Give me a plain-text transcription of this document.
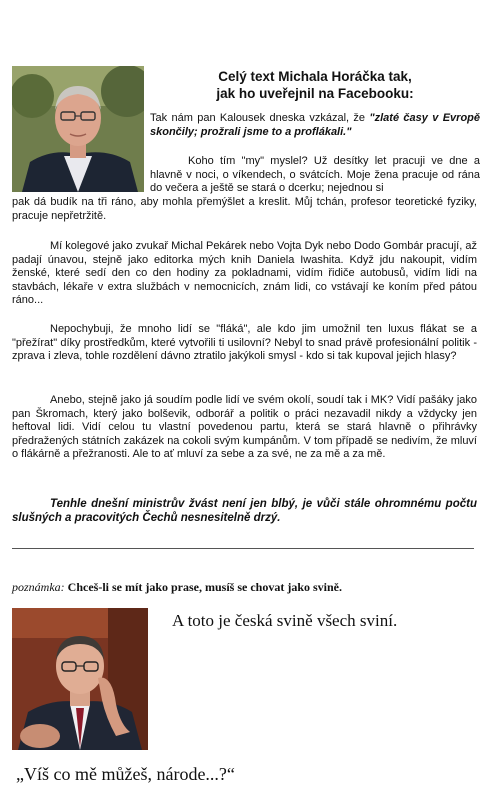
Celý text Michala Horáčka tak,
jak ho uveřejnil na Facebooku:
Tak nám pan Kalousek dneska vzkázal, že "zlaté časy v Evropě skončily; prožrali jsme to a proflákali."
Koho tím "my" myslel? Už desítky let pracuji ve dne a hlavně v noci, o víkendech, o svátcích. Moje žena pracuje od rána do večera a ještě se stará o dcerku; nejednou si
pak dá budík na tři ráno, aby mohla přemýšlet a kreslit. Můj tchán, profesor teoretické fyziky, pracuje nepřetržitě.
Mí kolegové jako zvukař Michal Pekárek nebo Vojta Dyk nebo Dodo Gombár pracují, až padají únavou, stejně jako editorka mých knih Daniela Iwashita. Když jdu nakoupit, vidím ženské, které sedí den co den hodiny za pokladnami, vidím řidiče autobusů, vidím lidi na stavbách, lékaře v extra službách v nemocnicích, znám lidi, co vstávají ke koním před pátou ráno...
Nepochybuji, že mnoho lidí se "fláká", ale kdo jim umožnil ten luxus flákat se a "přežírat" díky prostředkům, které vytvořili ti usilovní? Nebyl to snad právě profesionální politik - zprava i zleva, tohle rozdělení dávno ztratilo jakýkoli smysl - kdo si tak kupoval jejich hlasy?
Anebo, stejně jako já soudím podle lidí ve svém okolí, soudí tak i MK? Vidí pašáky jako pan Škromach, který jako bolševik, odborář a politik o práci nezavadil nikdy a vždycky jen heftoval lidi. Vidí celou tu vlastní povedenou partu, která se stará hlavně o přihrávky předražených státních zakázek na cokoli svým kumpánům. V tom případě se nedivím, že mluví o flákárně a přežranosti. Ale to ať mluví za sebe a za své, ne za mě a za mě.
Tenhle dnešní ministrův žvást není jen blbý, je vůči stále ohromnému počtu slušných a pracovitých Čechů nesnesitelně drzý.
poznámka: Chceš-li se mít jako prase, musíš se chovat jako svině.
A toto je česká svině všech sviní.
„Víš co mě můžeš, národe...?“
